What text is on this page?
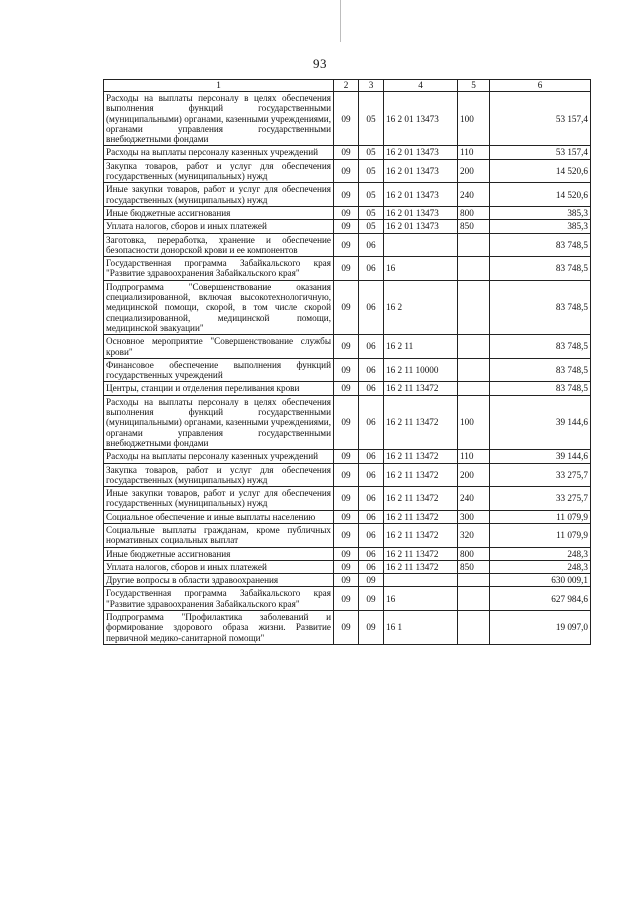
93
1	2	3	4	5	6
Расходы на выплаты персоналу в целях обеспечения выполнения функций государственными (муниципальными) органами, казенными учреждениями, органами управления государственными внебюджетными фондами	09	05	16 2 01 13473	100	53 157,4
Расходы на выплаты персоналу казенных учреждений	09	05	16 2 01 13473	110	53 157,4
Закупка товаров, работ и услуг для обеспечения государственных (муниципальных) нужд	09	05	16 2 01 13473	200	14 520,6
Иные закупки товаров, работ и услуг для обеспечения государственных (муниципальных) нужд	09	05	16 2 01 13473	240	14 520,6
Иные бюджетные ассигнования	09	05	16 2 01 13473	800	385,3
Уплата налогов, сборов и иных платежей	09	05	16 2 01 13473	850	385,3
Заготовка, переработка, хранение и обеспечение безопасности донорской крови и ее компонентов	09	06			83 748,5
Государственная программа Забайкальского края "Развитие здравоохранения Забайкальского края"	09	06	16		83 748,5
Подпрограмма "Совершенствование оказания специализированной, включая высокотехнологичную, медицинской помощи, скорой, в том числе скорой специализированной, медицинской помощи, медицинской эвакуации"	09	06	16 2		83 748,5
Основное мероприятие "Совершенствование службы крови"	09	06	16 2 11		83 748,5
Финансовое обеспечение выполнения функций государственных учреждений	09	06	16 2 11 10000		83 748,5
Центры, станции и отделения переливания крови	09	06	16 2 11 13472		83 748,5
Расходы на выплаты персоналу в целях обеспечения выполнения функций государственными (муниципальными) органами, казенными учреждениями, органами управления государственными внебюджетными фондами	09	06	16 2 11 13472	100	39 144,6
Расходы на выплаты персоналу казенных учреждений	09	06	16 2 11 13472	110	39 144,6
Закупка товаров, работ и услуг для обеспечения государственных (муниципальных) нужд	09	06	16 2 11 13472	200	33 275,7
Иные закупки товаров, работ и услуг для обеспечения государственных (муниципальных) нужд	09	06	16 2 11 13472	240	33 275,7
Социальное обеспечение и иные выплаты населению	09	06	16 2 11 13472	300	11 079,9
Социальные выплаты гражданам, кроме публичных нормативных социальных выплат	09	06	16 2 11 13472	320	11 079,9
Иные бюджетные ассигнования	09	06	16 2 11 13472	800	248,3
Уплата налогов, сборов и иных платежей	09	06	16 2 11 13472	850	248,3
Другие вопросы в области здравоохранения	09	09			630 009,1
Государственная программа Забайкальского края "Развитие здравоохранения Забайкальского края"	09	09	16		627 984,6
Подпрограмма "Профилактика заболеваний и формирование здорового образа жизни. Развитие первичной медико-санитарной помощи"	09	09	16 1		19 097,0
